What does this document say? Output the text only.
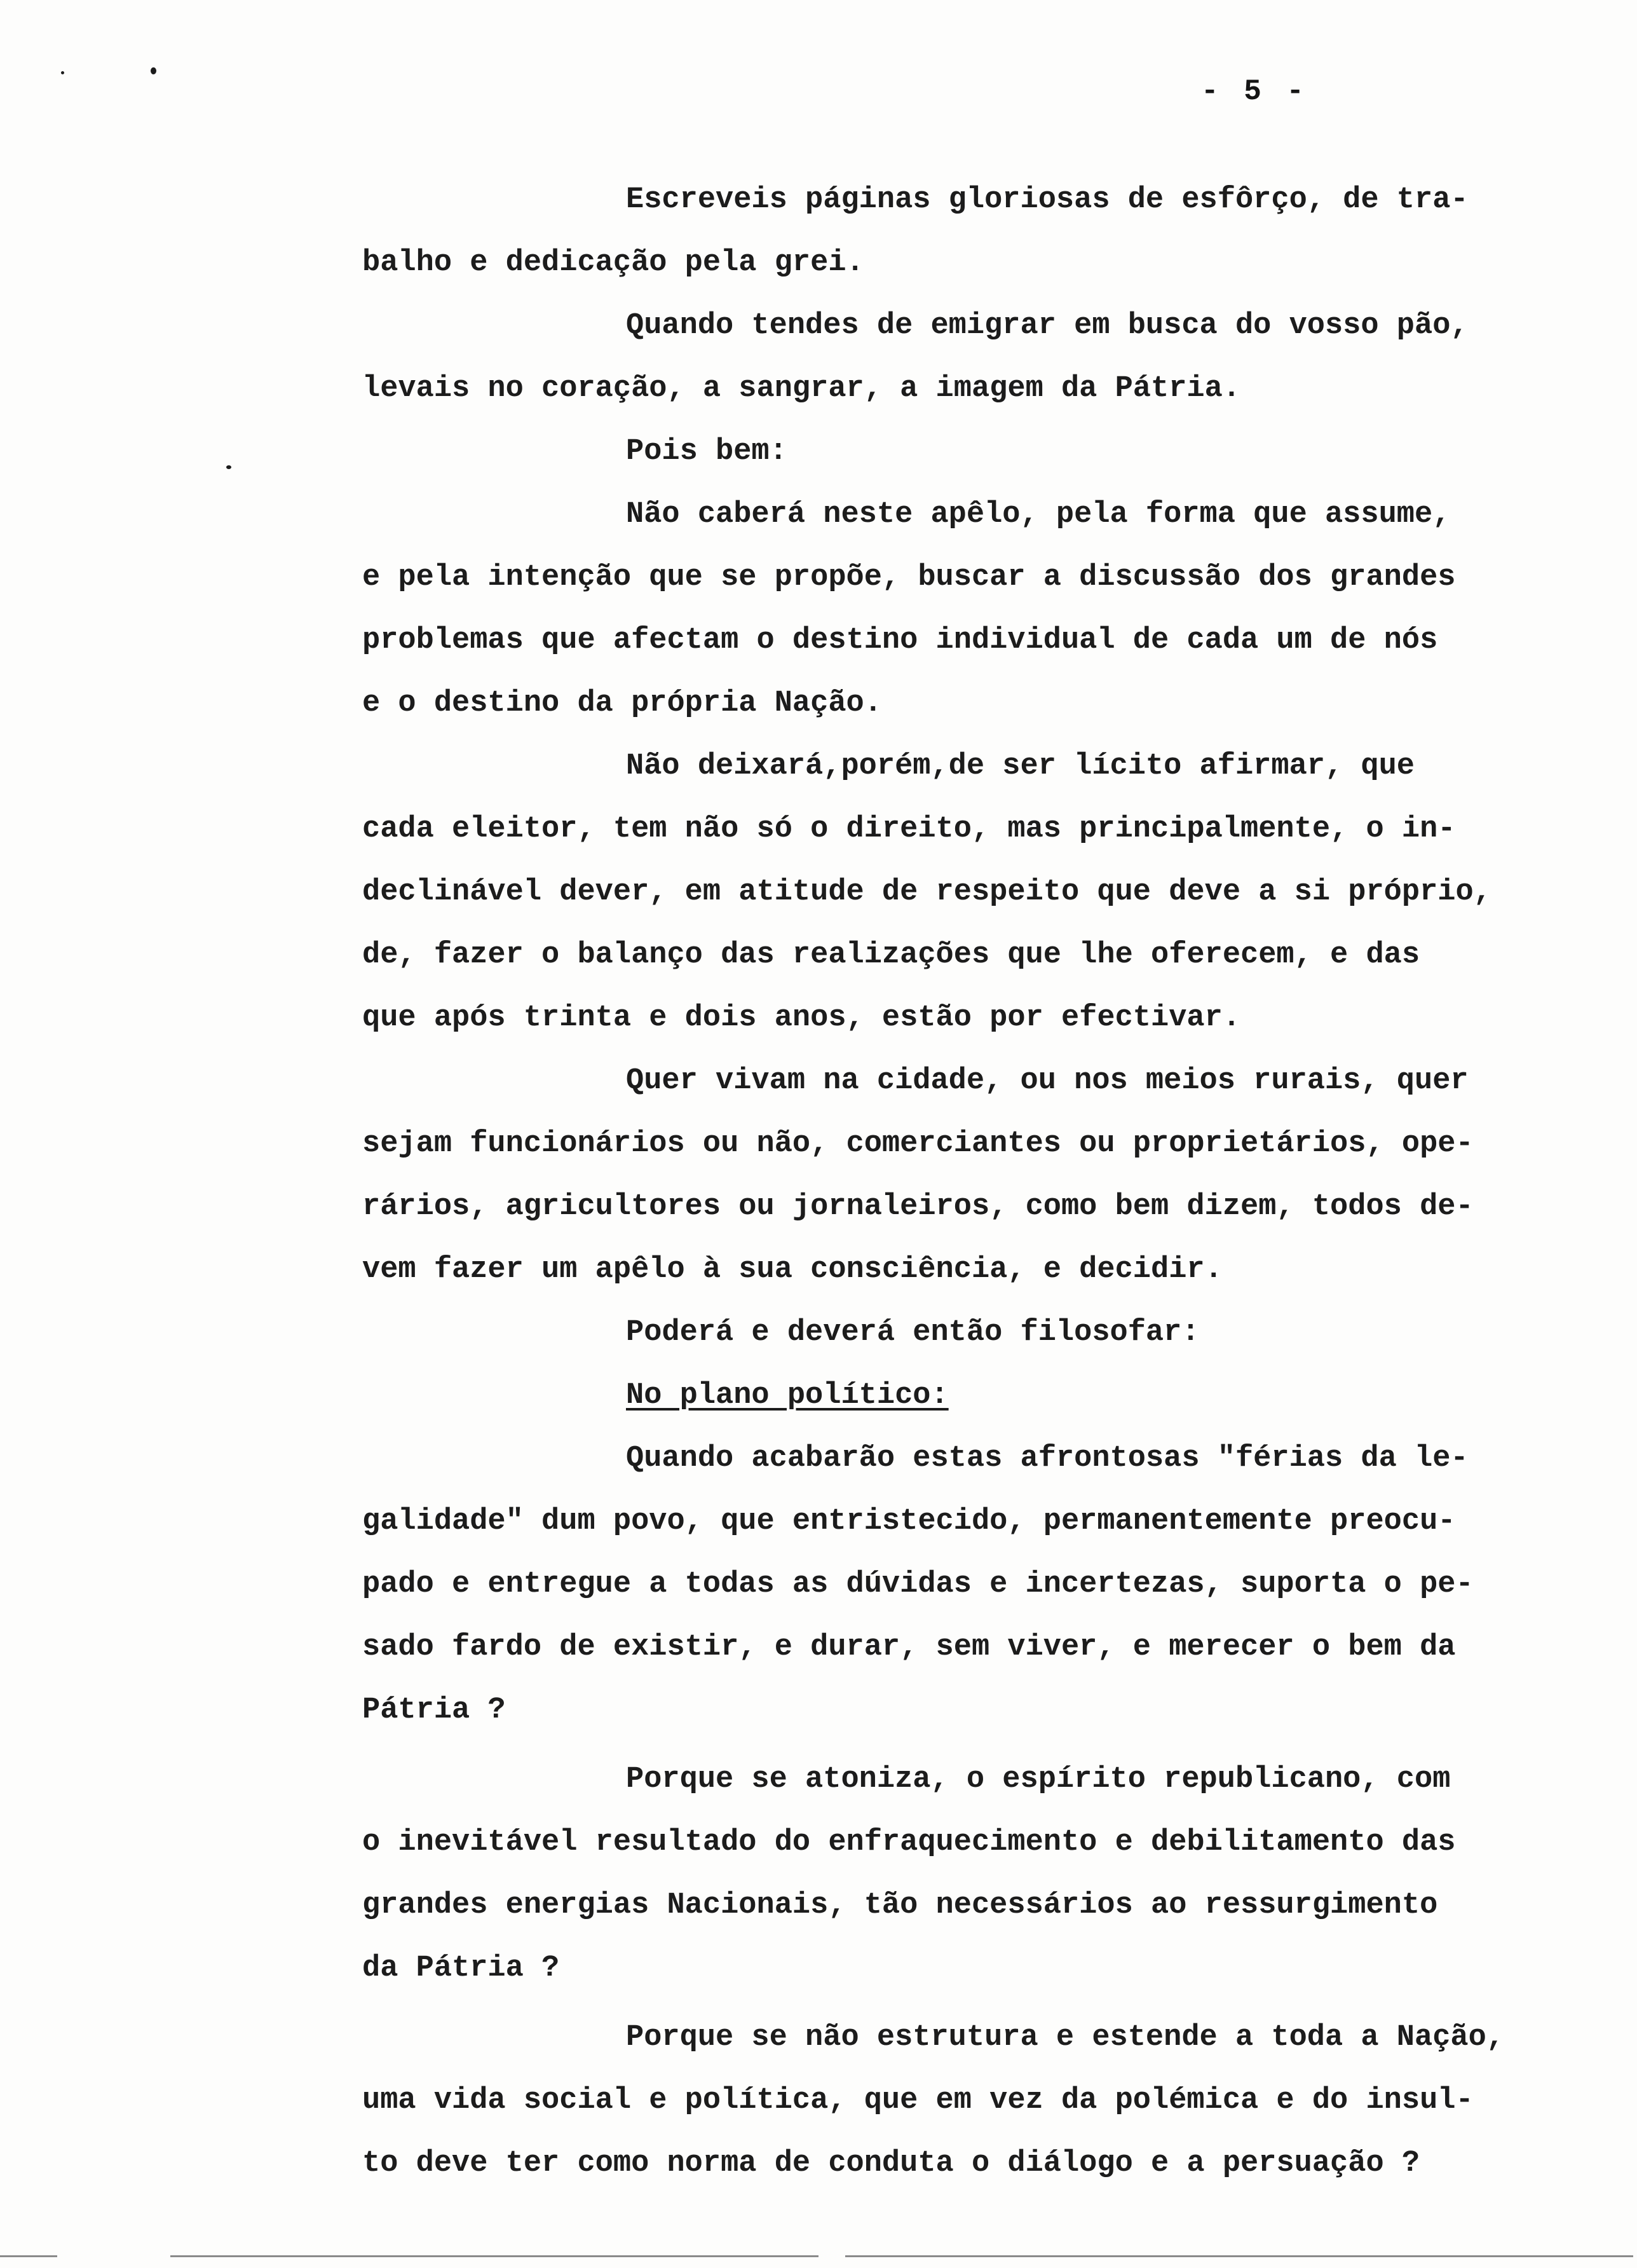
- 5 -
Escreveis páginas gloriosas de esfôrço, de tra-
balho e dedicação pela grei.
Quando tendes de emigrar em busca do vosso pão,
levais no coração, a sangrar, a imagem da Pátria.
Pois bem:
Não caberá neste apêlo, pela forma que assume,
e pela intenção que se propõe, buscar a discussão dos grandes
problemas que afectam o destino individual de cada um de nós
e o destino da própria Nação.
Não deixará,porém,de ser lícito afirmar, que
cada eleitor, tem não só o direito, mas principalmente, o in-
declinável dever, em atitude de respeito que deve a si próprio,
de, fazer o balanço das realizações que lhe oferecem, e das
que após trinta e dois anos, estão por efectivar.
Quer vivam na cidade, ou nos meios rurais, quer
sejam funcionários ou não, comerciantes ou proprietários, ope-
rários, agricultores ou jornaleiros, como bem dizem, todos de-
vem fazer um apêlo à sua consciência, e decidir.
Poderá e deverá então filosofar:
No plano político:
Quando acabarão estas afrontosas "férias da le-
galidade" dum povo, que entristecido, permanentemente preocu-
pado e entregue a todas as dúvidas e incertezas, suporta o pe-
sado fardo de existir, e durar, sem viver, e merecer o bem da
Pátria ?
Porque se atoniza, o espírito republicano, com
o inevitável resultado do enfraquecimento e debilitamento das
grandes energias Nacionais, tão necessários ao ressurgimento
da Pátria ?
Porque se não estrutura e estende a toda a Nação,
uma vida social e política, que em vez da polémica e do insul-
to deve ter como norma de conduta o diálogo e a persuação ?
